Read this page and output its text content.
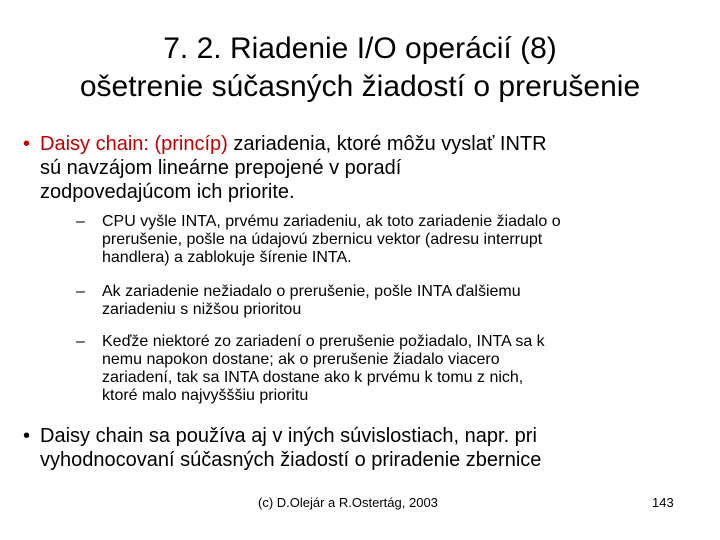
7. 2. Riadenie I/O operácií (8)
ošetrenie súčasných žiadostí o prerušenie
• Daisy chain: (princíp) zariadenia, ktoré môžu vyslať INTR
sú navzájom lineárne prepojené v poradí
zodpovedajúcom ich priorite.
– CPU vyšle INTA, prvému zariadeniu, ak toto zariadenie žiadalo o
prerušenie, pošle na údajovú zbernicu vektor (adresu interrupt
handlera) a zablokuje šírenie INTA.
– Ak zariadenie nežiadalo o prerušenie, pošle INTA ďalšiemu
zariadeniu s nižšou prioritou
– Keďže niektoré zo zariadení o prerušenie požiadalo, INTA sa k
nemu napokon dostane; ak o prerušenie žiadalo viacero
zariadení, tak sa INTA dostane ako k prvému k tomu z nich,
ktoré malo najvyšššiu prioritu
• Daisy chain sa používa aj v iných súvislostiach, napr. pri
vyhodnocovaní súčasných žiadostí o priradenie zbernice
(c) D.Olejár a R.Ostertág, 2003	143
